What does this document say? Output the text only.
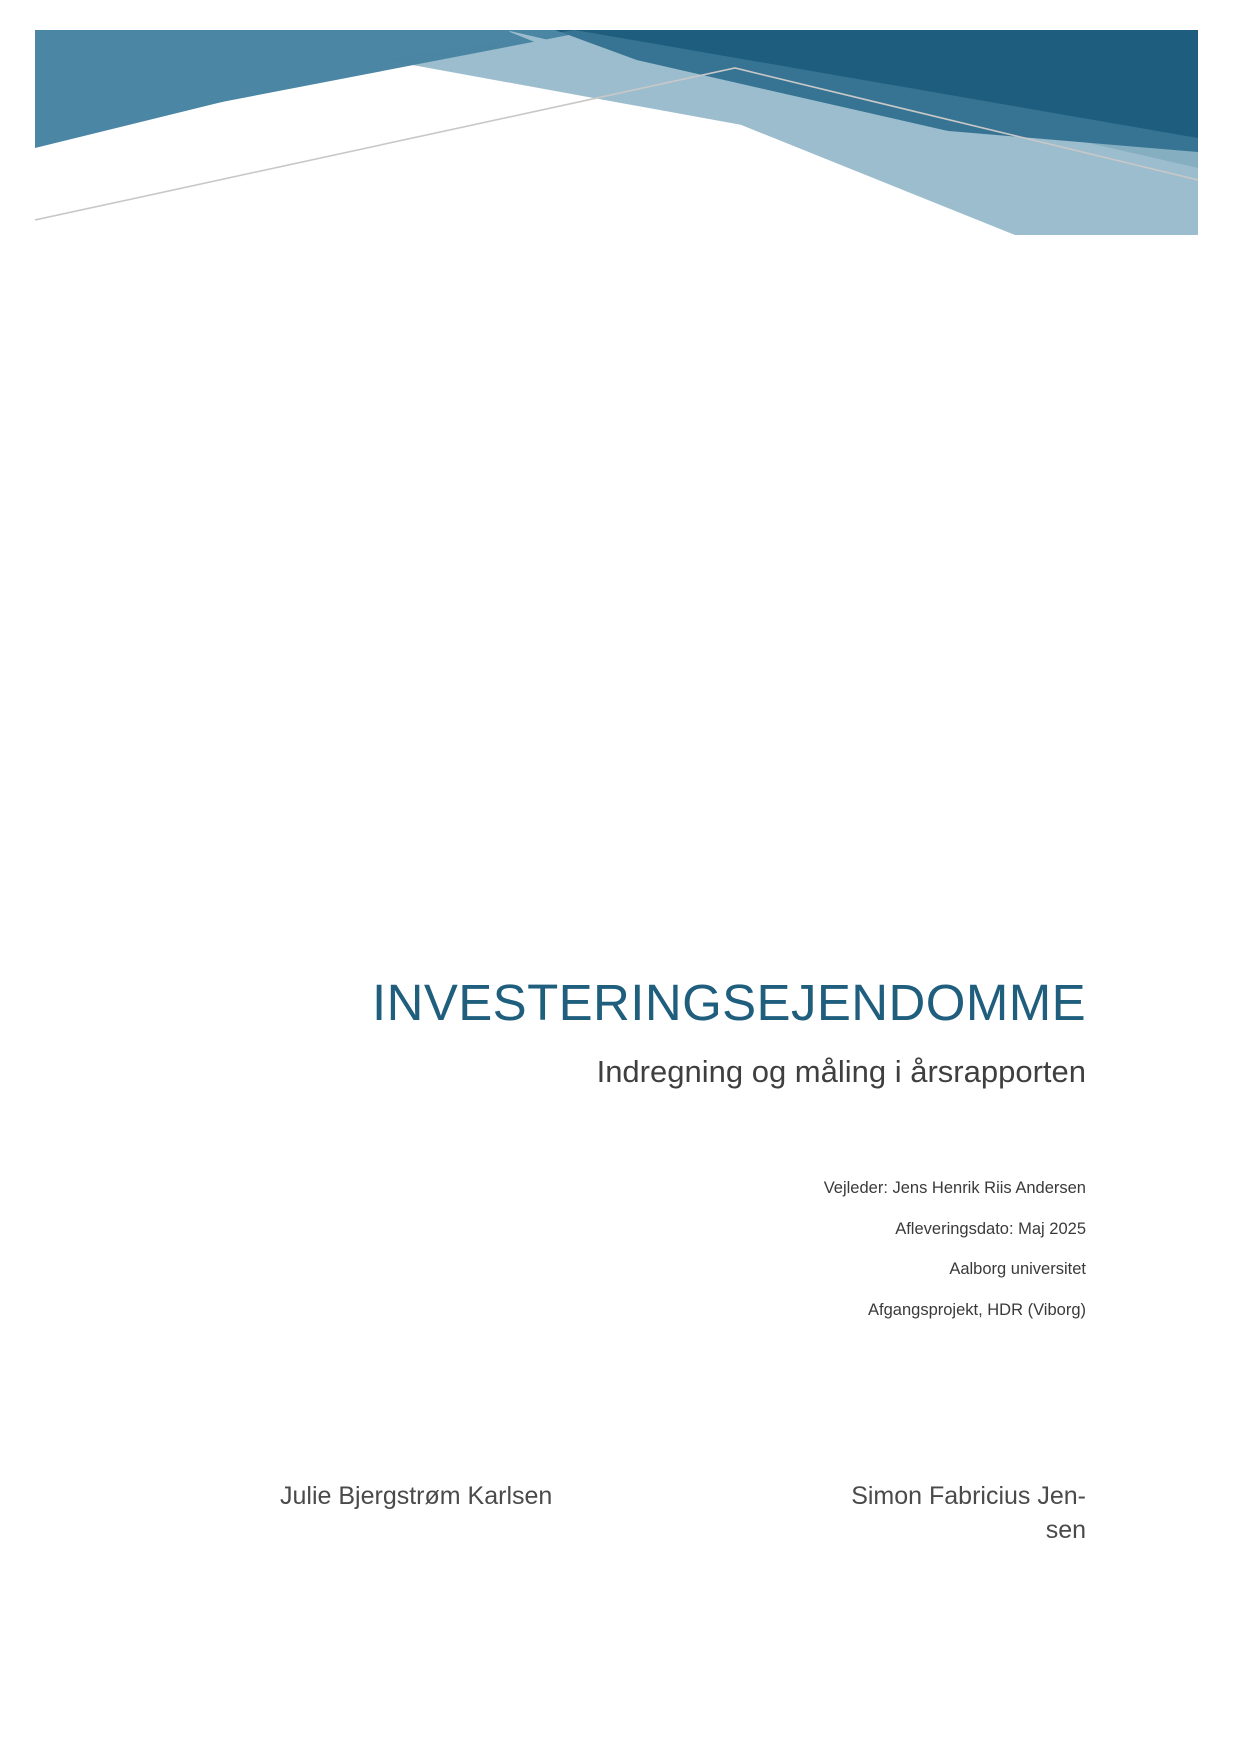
INVESTERINGSEJENDOMME
Indregning og måling i årsrapporten
Vejleder: Jens Henrik Riis Andersen
Afleveringsdato: Maj 2025
Aalborg universitet
Afgangsprojekt, HDR (Viborg)
Julie Bjergstrøm Karlsen	Simon Fabricius Jen- sen
